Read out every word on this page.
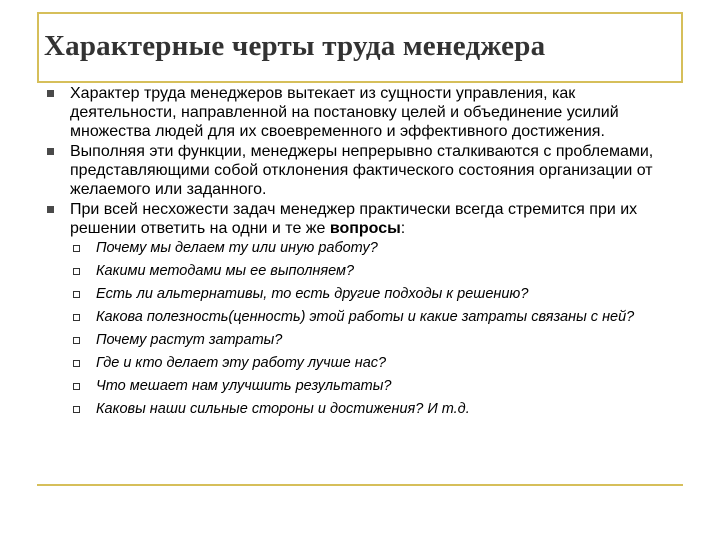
Характерные черты труда менеджера
Характер труда менеджеров вытекает из сущности управления, как деятельности, направленной на постановку целей и объединение усилий множества людей для их своевременного и эффективного достижения.
Выполняя эти функции, менеджеры непрерывно сталкиваются с проблемами, представляющими собой отклонения фактического состояния организации от желаемого или заданного.
При всей несхожести задач менеджер практически всегда стремится при их решении ответить на одни и те же вопросы:
Почему мы делаем ту или иную работу?
Какими методами мы ее выполняем?
Есть ли альтернативы, то есть другие подходы к решению?
Какова полезность(ценность) этой работы и какие затраты связаны с ней?
Почему растут затраты?
Где и кто делает эту работу лучше нас?
Что мешает нам улучшить результаты?
Каковы наши сильные стороны и достижения? И т.д.
